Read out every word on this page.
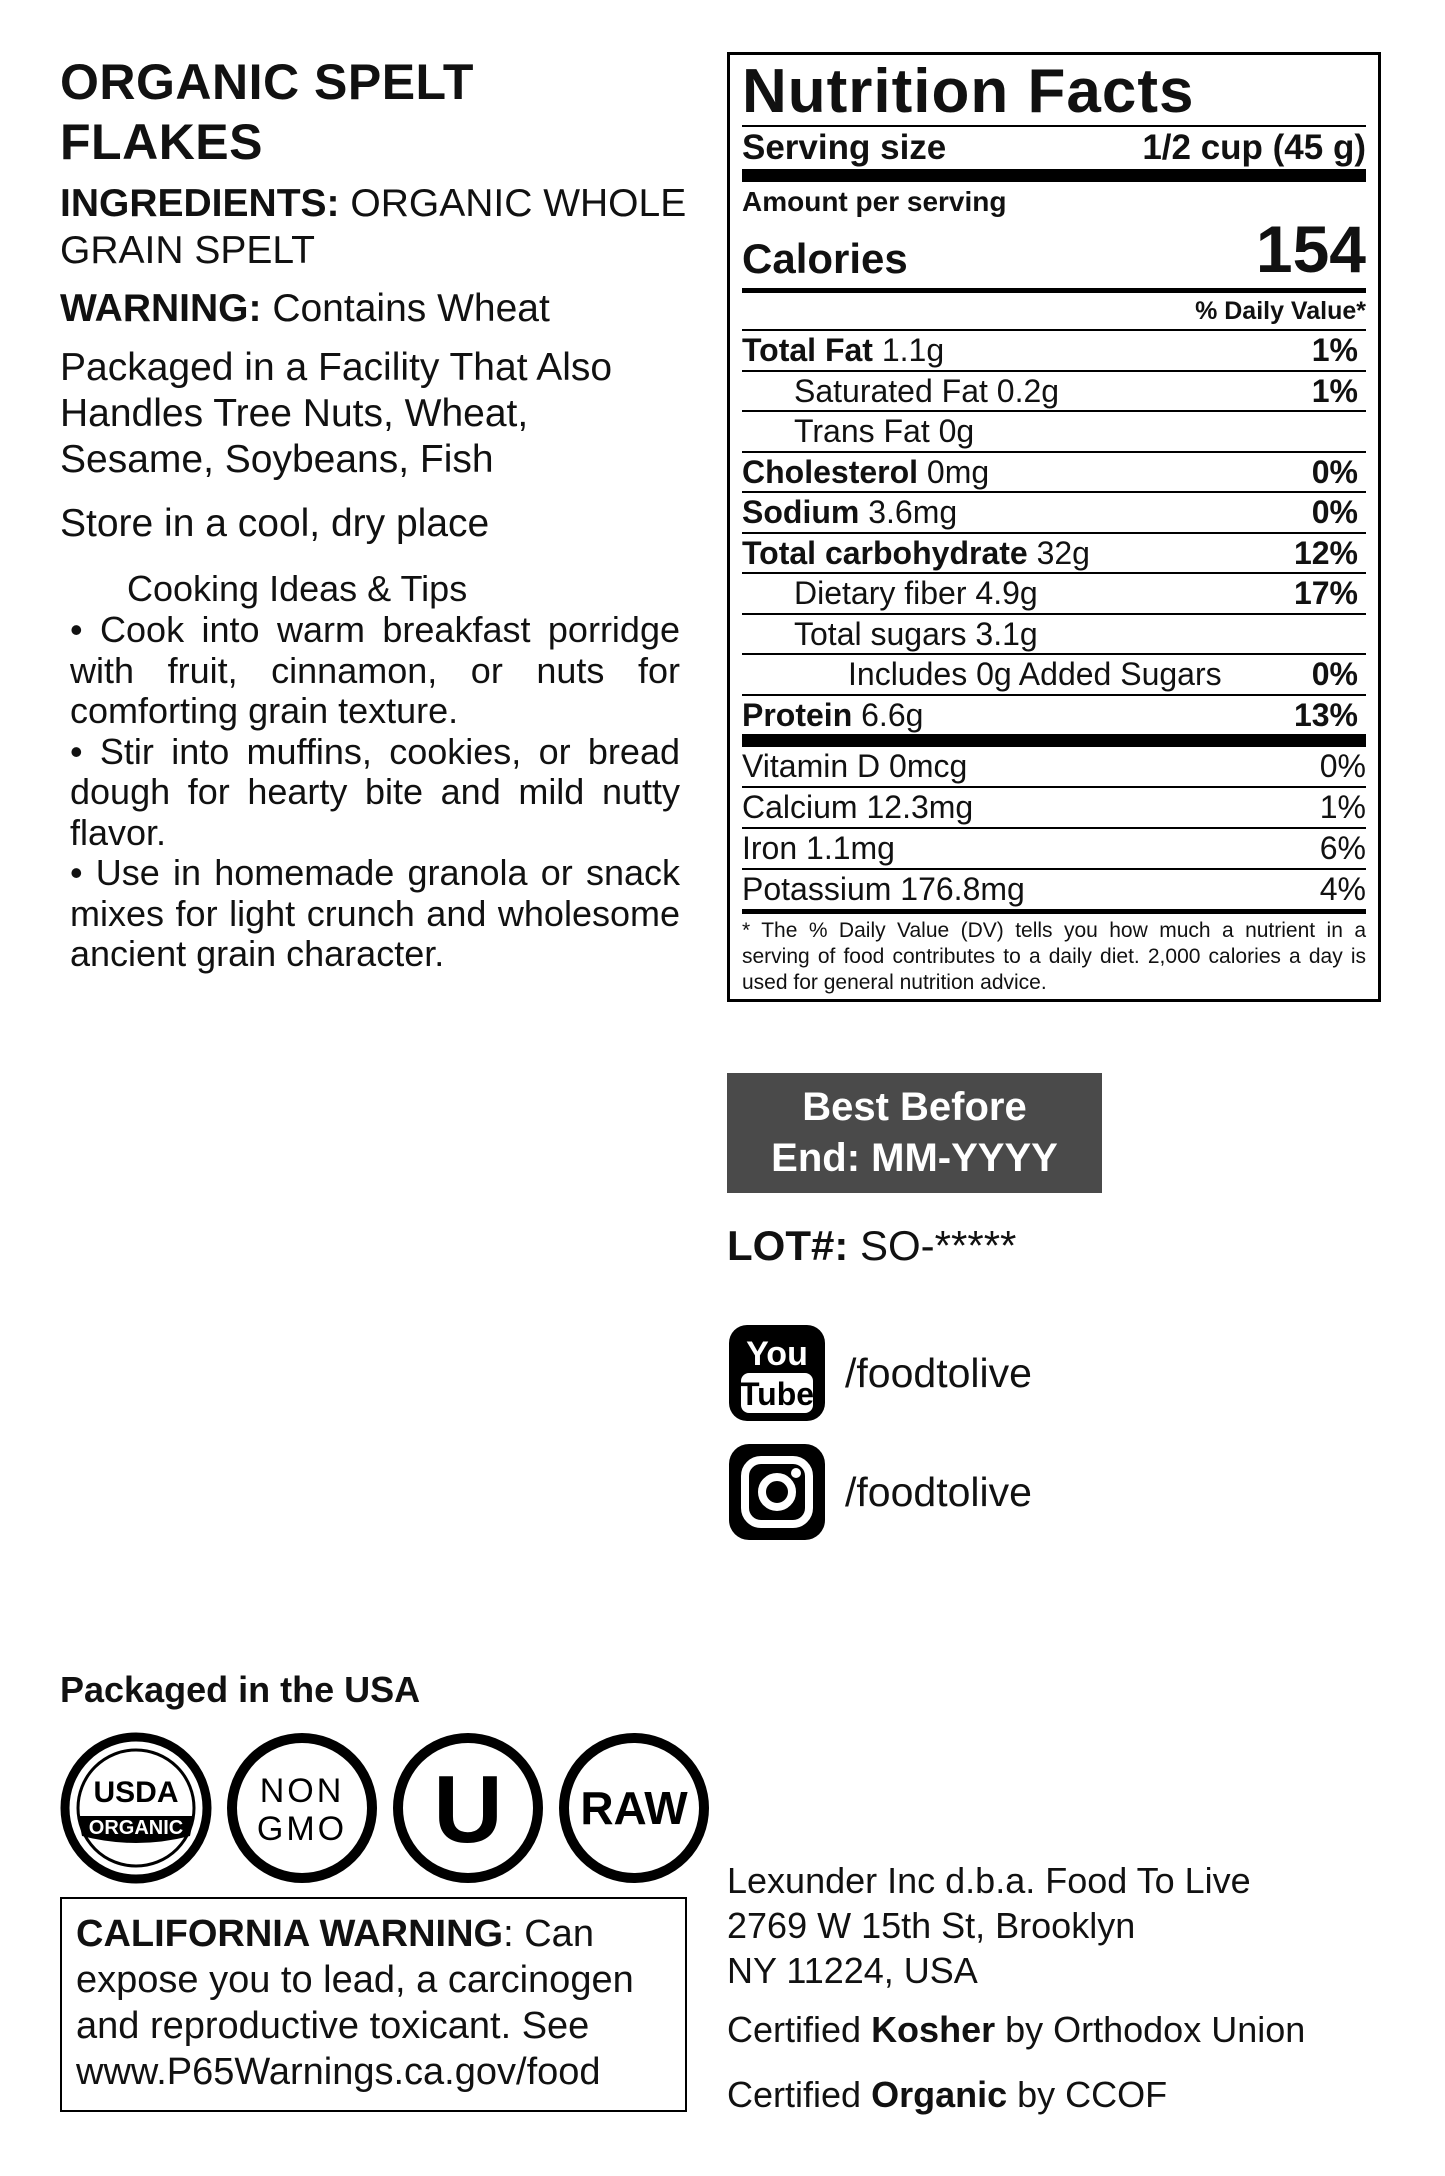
ORGANIC SPELT
FLAKES
INGREDIENTS: ORGANIC WHOLE GRAIN SPELT
WARNING: Contains Wheat
Packaged in a Facility That Also Handles Tree Nuts, Wheat, Sesame, Soybeans, Fish
Store in a cool, dry place
Cooking Ideas & Tips

• Cook into warm breakfast porridge with fruit, cinnamon, or nuts for comforting grain texture.

• Stir into muffins, cookies, or bread dough for hearty bite and mild nutty flavor.

• Use in homemade granola or snack mixes for light crunch and wholesome ancient grain character.

Nutrition Facts
Serving size	1/2 cup (45 g)
Amount per serving
Calories	154
% Daily Value*
Total Fat 1.1g	1%
Saturated Fat 0.2g	1%
Trans Fat 0g
Cholesterol 0mg	0%
Sodium 3.6mg	0%
Total carbohydrate 32g	12%
Dietary fiber 4.9g	17%
Total sugars 3.1g
Includes 0g Added Sugars	0%
Protein 6.6g	13%
Vitamin D 0mcg	0%
Calcium 12.3mg	1%
Iron 1.1mg	6%
Potassium 176.8mg	4%
* The % Daily Value (DV) tells you how much a nutrient in a serving of food contributes to a daily diet. 2,000 calories a day is used for general nutrition advice.
Best Before
End: MM-YYYY
LOT#: SO-*****
You
Tube /foodtolive
/foodtolive
Packaged in the USA
USDA
ORGANIC
NON
GMO U RAW
CALIFORNIA WARNING: Can expose you to lead, a carcinogen and reproductive toxicant. See www.P65Warnings.ca.gov/food
Lexunder Inc d.b.a. Food To Live
2769 W 15th St, Brooklyn
NY 11224, USA
Certified Kosher by Orthodox Union
Certified Organic by CCOF
